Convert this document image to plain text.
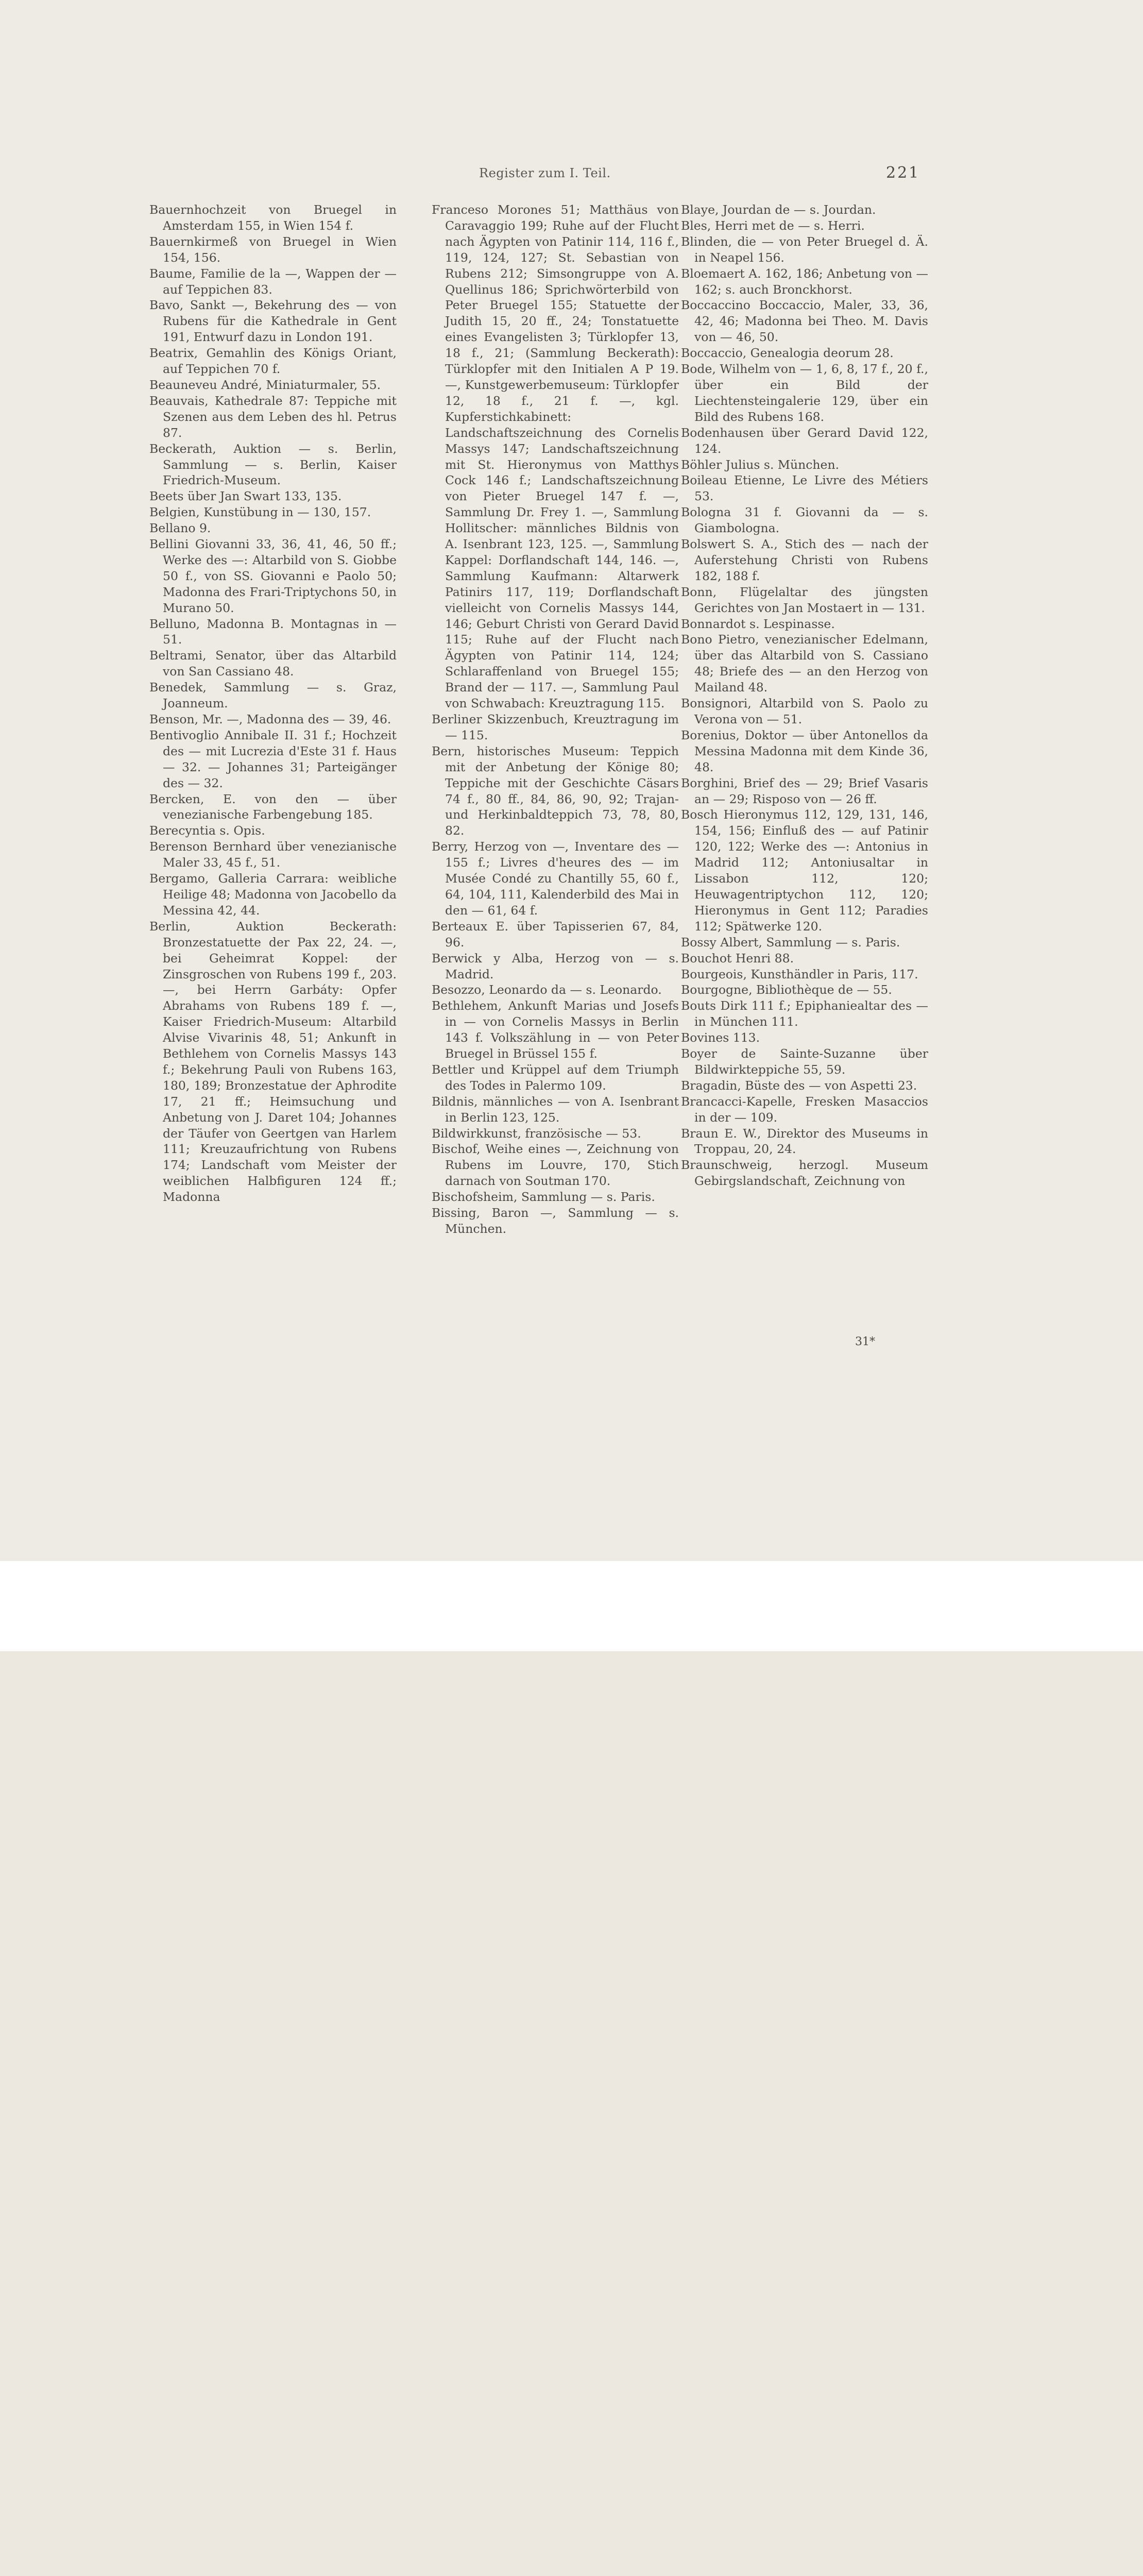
Register zum I. Teil.	221
Bauernhochzeit von Bruegel in Amsterdam 155, in Wien 154 f.
Bauernkirmeß von Bruegel in Wien 154, 156.
Baume, Familie de la —, Wappen der — auf Teppichen 83.
Bavo, Sankt —, Bekehrung des — von Rubens für die Kathedrale in Gent 191, Entwurf dazu in London 191.
Beatrix, Gemahlin des Königs Oriant, auf Teppichen 70 f.
Beauneveu André, Miniaturmaler, 55.
Beauvais, Kathedrale 87: Teppiche mit Szenen aus dem Leben des hl. Petrus 87.
Beckerath, Auktion — s. Berlin, Sammlung — s. Berlin, Kaiser Friedrich-Museum.
Beets über Jan Swart 133, 135.
Belgien, Kunstübung in — 130, 157.
Bellano 9.
Bellini Giovanni 33, 36, 41, 46, 50 ff.; Werke des —: Altarbild von S. Giobbe 50 f., von SS. Giovanni e Paolo 50; Madonna des Frari-Triptychons 50, in Murano 50.
Belluno, Madonna B. Montagnas in — 51.
Beltrami, Senator, über das Altarbild von San Cassiano 48.
Benedek, Sammlung — s. Graz, Joanneum.
Benson, Mr. —, Madonna des — 39, 46.
Bentivoglio Annibale II. 31 f.; Hochzeit des — mit Lucrezia d'Este 31 f. Haus — 32. — Johannes 31; Parteigänger des — 32.
Bercken, E. von den — über venezianische Farbengebung 185.
Berecyntia s. Opis.
Berenson Bernhard über venezianische Maler 33, 45 f., 51.
Bergamo, Galleria Carrara: weibliche Heilige 48; Madonna von Jacobello da Messina 42, 44.
Berlin, Auktion Beckerath: Bronzestatuette der Pax 22, 24. —, bei Geheimrat Koppel: der Zinsgroschen von Rubens 199 f., 203. —, bei Herrn Garbáty: Opfer Abrahams von Rubens 189 f. —, Kaiser Friedrich-Museum: Altarbild Alvise Vivarinis 48, 51; Ankunft in Bethlehem von Cornelis Massys 143 f.; Bekehrung Pauli von Rubens 163, 180, 189; Bronzestatue der Aphrodite 17, 21 ff.; Heimsuchung und Anbetung von J. Daret 104; Johannes der Täufer von Geertgen van Harlem 111; Kreuzaufrichtung von Rubens 174; Landschaft vom Meister der weiblichen Halbfiguren 124 ff.; Madonna
Franceso Morones 51; Matthäus von Caravaggio 199; Ruhe auf der Flucht nach Ägypten von Patinir 114, 116 f., 119, 124, 127; St. Sebastian von Rubens 212; Simsongruppe von A. Quellinus 186; Sprichwörterbild von Peter Bruegel 155; Statuette der Judith 15, 20 ff., 24; Tonstatuette eines Evangelisten 3; Türklopfer 13, 18 f., 21; (Sammlung Beckerath): Türklopfer mit den Initialen A P 19. —, Kunstgewerbemuseum: Türklopfer 12, 18 f., 21 f. —, kgl. Kupferstichkabinett: Landschaftszeichnung des Cornelis Massys 147; Landschaftszeichnung mit St. Hieronymus von Matthys Cock 146 f.; Landschaftszeichnung von Pieter Bruegel 147 f. —, Sammlung Dr. Frey 1. —, Sammlung Hollitscher: männliches Bildnis von A. Isenbrant 123, 125. —, Sammlung Kappel: Dorflandschaft 144, 146. —, Sammlung Kaufmann: Altarwerk Patinirs 117, 119; Dorflandschaft vielleicht von Cornelis Massys 144, 146; Geburt Christi von Gerard David 115; Ruhe auf der Flucht nach Ägypten von Patinir 114, 124; Schlaraffenland von Bruegel 155; Brand der — 117. —, Sammlung Paul von Schwabach: Kreuztragung 115.
Berliner Skizzenbuch, Kreuztragung im — 115.
Bern, historisches Museum: Teppich mit der Anbetung der Könige 80; Teppiche mit der Geschichte Cäsars 74 f., 80 ff., 84, 86, 90, 92; Trajan- und Herkinbaldteppich 73, 78, 80, 82.
Berry, Herzog von —, Inventare des — 155 f.; Livres d'heures des — im Musée Condé zu Chantilly 55, 60 f., 64, 104, 111, Kalenderbild des Mai in den — 61, 64 f.
Berteaux E. über Tapisserien 67, 84, 96.
Berwick y Alba, Herzog von — s. Madrid.
Besozzo, Leonardo da — s. Leonardo.
Bethlehem, Ankunft Marias und Josefs in — von Cornelis Massys in Berlin 143 f. Volkszählung in — von Peter Bruegel in Brüssel 155 f.
Bettler und Krüppel auf dem Triumph des Todes in Palermo 109.
Bildnis, männliches — von A. Isenbrant in Berlin 123, 125.
Bildwirkkunst, französische — 53.
Bischof, Weihe eines —, Zeichnung von Rubens im Louvre, 170, Stich darnach von Soutman 170.
Bischofsheim, Sammlung — s. Paris.
Bissing, Baron —, Sammlung — s. München.
Blaye, Jourdan de — s. Jourdan.
Bles, Herri met de — s. Herri.
Blinden, die — von Peter Bruegel d. Ä. in Neapel 156.
Bloemaert A. 162, 186; Anbetung von — 162; s. auch Bronckhorst.
Boccaccino Boccaccio, Maler, 33, 36, 42, 46; Madonna bei Theo. M. Davis von — 46, 50.
Boccaccio, Genealogia deorum 28.
Bode, Wilhelm von — 1, 6, 8, 17 f., 20 f., über ein Bild der Liechtensteingalerie 129, über ein Bild des Rubens 168.
Bodenhausen über Gerard David 122, 124.
Böhler Julius s. München.
Boileau Etienne, Le Livre des Métiers 53.
Bologna 31 f. Giovanni da — s. Giambologna.
Bolswert S. A., Stich des — nach der Auferstehung Christi von Rubens 182, 188 f.
Bonn, Flügelaltar des jüngsten Gerichtes von Jan Mostaert in — 131.
Bonnardot s. Lespinasse.
Bono Pietro, venezianischer Edelmann, über das Altarbild von S. Cassiano 48; Briefe des — an den Herzog von Mailand 48.
Bonsignori, Altarbild von S. Paolo zu Verona von — 51.
Borenius, Doktor — über Antonellos da Messina Madonna mit dem Kinde 36, 48.
Borghini, Brief des — 29; Brief Vasaris an — 29; Risposo von — 26 ff.
Bosch Hieronymus 112, 129, 131, 146, 154, 156; Einfluß des — auf Patinir 120, 122; Werke des —: Antonius in Madrid 112; Antoniusaltar in Lissabon 112, 120; Heuwagentriptychon 112, 120; Hieronymus in Gent 112; Paradies 112; Spätwerke 120.
Bossy Albert, Sammlung — s. Paris.
Bouchot Henri 88.
Bourgeois, Kunsthändler in Paris, 117.
Bourgogne, Bibliothèque de — 55.
Bouts Dirk 111 f.; Epiphaniealtar des — in München 111.
Bovines 113.
Boyer de Sainte-Suzanne über Bildwirkteppiche 55, 59.
Bragadin, Büste des — von Aspetti 23.
Brancacci-Kapelle, Fresken Masaccios in der — 109.
Braun E. W., Direktor des Museums in Troppau, 20, 24.
Braunschweig, herzogl. Museum Gebirgslandschaft, Zeichnung von
31*
